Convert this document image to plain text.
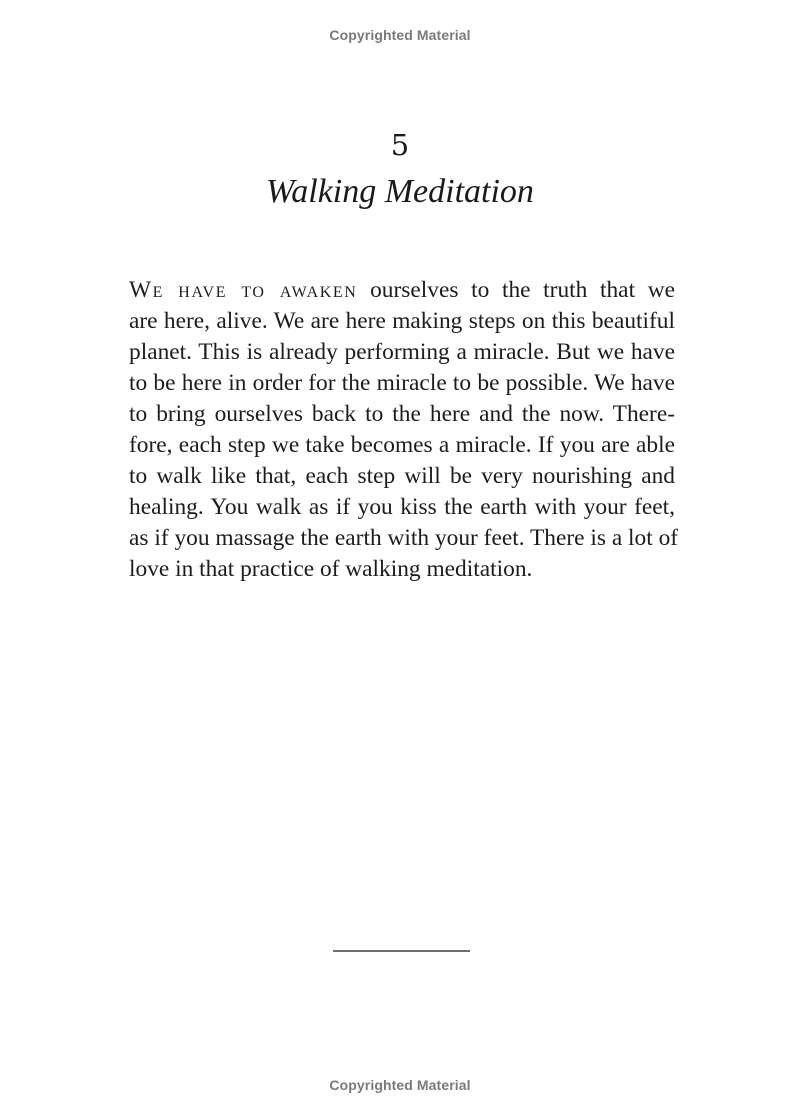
Copyrighted Material
5
Walking Meditation
We have to awaken ourselves to the truth that we
are here, alive. We are here making steps on this beautiful
planet. This is already performing a miracle. But we have
to be here in order for the miracle to be possible. We have
to bring ourselves back to the here and the now. There-
fore, each step we take becomes a miracle. If you are able
to walk like that, each step will be very nourishing and
healing. You walk as if you kiss the earth with your feet,
as if you massage the earth with your feet. There is a lot of
love in that practice of walking meditation.
Copyrighted Material
